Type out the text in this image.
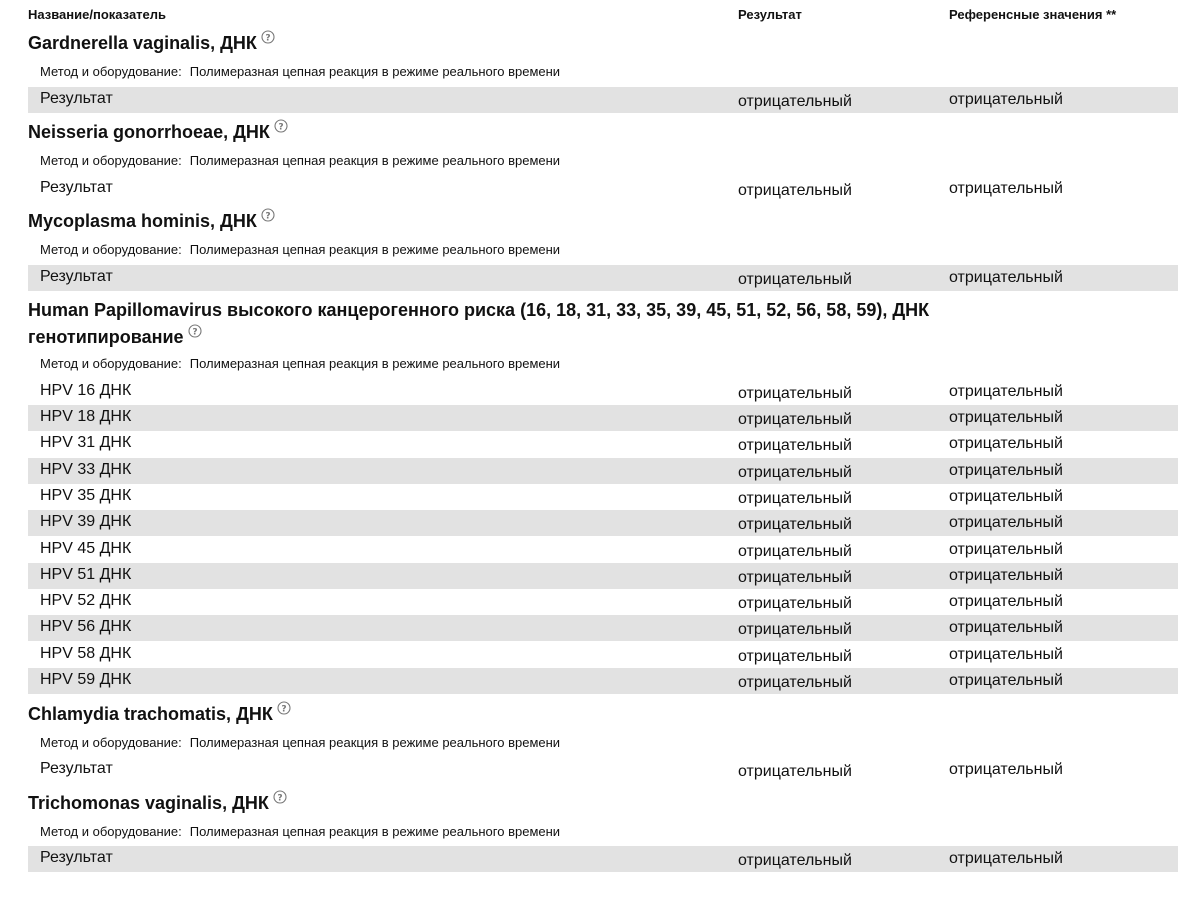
Название/показатель	Результат	Референсные значения **
Gardnerella vaginalis, ДНК ?
Метод и оборудование: Полимеразная цепная реакция в режиме реального времени
Результат	отрицательный	отрицательный
Neisseria gonorrhoeae, ДНК ?
Метод и оборудование: Полимеразная цепная реакция в режиме реального времени
Результат	отрицательный	отрицательный
Mycoplasma hominis, ДНК ?
Метод и оборудование: Полимеразная цепная реакция в режиме реального времени
Результат	отрицательный	отрицательный
Human Papillomavirus высокого канцерогенного риска (16, 18, 31, 33, 35, 39, 45, 51, 52, 56, 58, 59), ДНК генотипирование ?
Метод и оборудование: Полимеразная цепная реакция в режиме реального времени
HPV 16 ДНК	отрицательный	отрицательный
HPV 18 ДНК	отрицательный	отрицательный
HPV 31 ДНК	отрицательный	отрицательный
HPV 33 ДНК	отрицательный	отрицательный
HPV 35 ДНК	отрицательный	отрицательный
HPV 39 ДНК	отрицательный	отрицательный
HPV 45 ДНК	отрицательный	отрицательный
HPV 51 ДНК	отрицательный	отрицательный
HPV 52 ДНК	отрицательный	отрицательный
HPV 56 ДНК	отрицательный	отрицательный
HPV 58 ДНК	отрицательный	отрицательный
HPV 59 ДНК	отрицательный	отрицательный
Chlamydia trachomatis, ДНК ?
Метод и оборудование: Полимеразная цепная реакция в режиме реального времени
Результат	отрицательный	отрицательный
Trichomonas vaginalis, ДНК ?
Метод и оборудование: Полимеразная цепная реакция в режиме реального времени
Результат	отрицательный	отрицательный
